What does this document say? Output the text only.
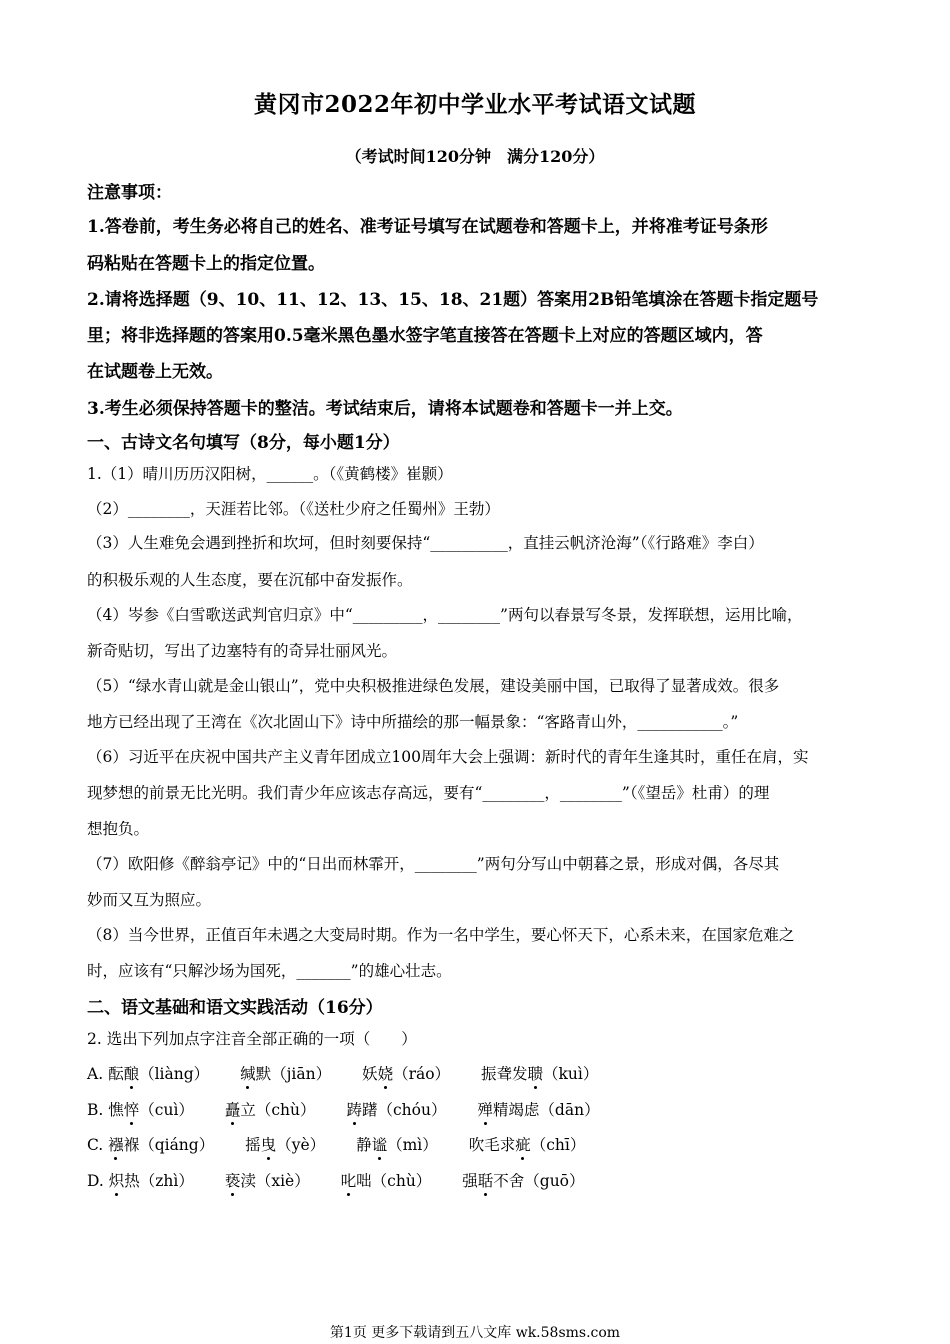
黄冈市2022年初中学业水平考试语文试题
（考试时间120分钟　满分120分）
注意事项：
1.答卷前，考生务必将自己的姓名、准考证号填写在试题卷和答题卡上，并将准考证号条形
码粘贴在答题卡上的指定位置。
2.请将选择题（9、10、11、12、13、15、18、21题）答案用2B铅笔填涂在答题卡指定题号
里；将非选择题的答案用0.5毫米黑色墨水签字笔直接答在答题卡上对应的答题区域内，答
在试题卷上无效。
3.考生必须保持答题卡的整洁。考试结束后，请将本试题卷和答题卡一并上交。
一、古诗文名句填写（8分，每小题1分）
1.（1）晴川历历汉阳树，______。（《黄鹤楼》崔颢）
（2）________，天涯若比邻。（《送杜少府之任蜀州》王勃）
（3）人生难免会遇到挫折和坎坷，但时刻要保持“__________，直挂云帆济沧海”（《行路难》李白）
的积极乐观的人生态度，要在沉郁中奋发振作。
（4）岑参《白雪歌送武判官归京》中“_________，________”两句以春景写冬景，发挥联想，运用比喻，
新奇贴切，写出了边塞特有的奇异壮丽风光。
（5）“绿水青山就是金山银山”，党中央积极推进绿色发展，建设美丽中国，已取得了显著成效。很多
地方已经出现了王湾在《次北固山下》诗中所描绘的那一幅景象：“客路青山外，___________。”
（6）习近平在庆祝中国共产主义青年团成立100周年大会上强调：新时代的青年生逢其时，重任在肩，实
现梦想的前景无比光明。我们青少年应该志存高远，要有“________，________”（《望岳》杜甫）的理
想抱负。
（7）欧阳修《醉翁亭记》中的“日出而林霏开，________”两句分写山中朝暮之景，形成对偶，各尽其
妙而又互为照应。
（8）当今世界，正值百年未遇之大变局时期。作为一名中学生，要心怀天下，心系未来，在国家危难之
时，应该有“只解沙场为国死，_______”的雄心壮志。
二、语文基础和语文实践活动（16分）
2. 选出下列加点字注音全部正确的一项（　　）
A. 酝酿（liàng） 缄默（jiān） 妖娆（ráo） 振聋发聩（kuì）
B. 憔悴（cuì） 矗立（chù） 踌躇（chóu） 殚精竭虑（dān）
C. 襁褓（qiáng） 摇曳（yè） 静谧（mì） 吹毛求疵（chī）
D. 炽热（zhì） 亵渎（xiè） 叱咄（chù） 强聒不舍（guō）
第1页 更多下载请到五八文库 wk.58sms.com
